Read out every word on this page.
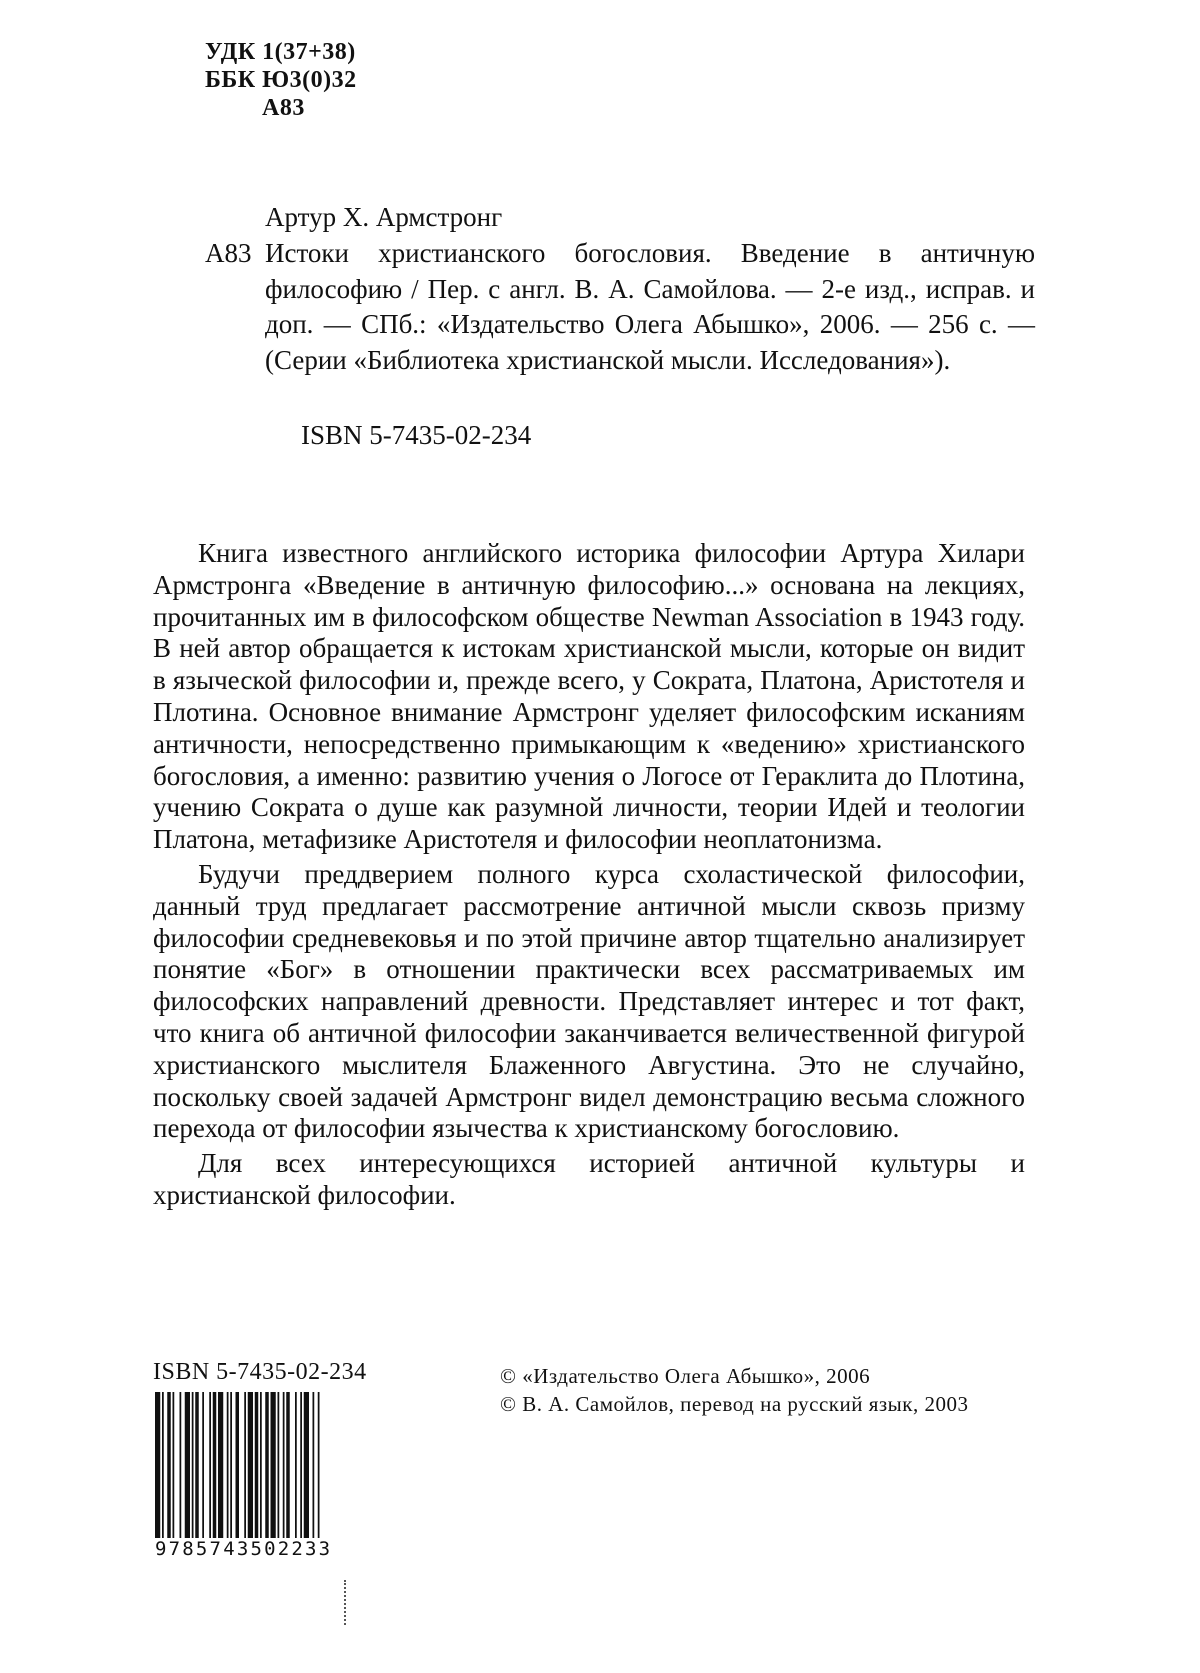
УДК 1(37+38)
ББК Ю3(0)32
А83
Артур Х. Армстронг
А83 Истоки христианского богословия. Введение в античную философию / Пер. с англ. В. А. Самойлова. — 2-е изд., исправ. и доп. — СПб.: «Издательство Олега Абышко», 2006. — 256 с. — (Серии «Библиотека христианской мысли. Исследования»).
ISBN 5-7435-02-234

Книга известного английского историка философии Артура Хилари Армстронга «Введение в античную философию...» основана на лекциях, прочитанных им в философском обществе Newman Association в 1943 году. В ней автор обращается к истокам христианской мысли, которые он видит в языческой философии и, прежде всего, у Сократа, Платона, Аристотеля и Плотина. Основное внимание Армстронг уделяет философским исканиям античности, непосредственно примыкающим к «ведению» христианского богословия, а именно: развитию учения о Логосе от Гераклита до Плотина, учению Сократа о душе как разумной личности, теории Идей и теологии Платона, метафизике Аристотеля и философии неоплатонизма.

Будучи преддверием полного курса схоластической философии, данный труд предлагает рассмотрение античной мысли сквозь призму философии средневековья и по этой причине автор тщательно анализирует понятие «Бог» в отношении практически всех рассматриваемых им философских направлений древности. Представляет интерес и тот факт, что книга об античной философии заканчивается величественной фигурой христианского мыслителя Блаженного Августина. Это не случайно, поскольку своей задачей Армстронг видел демонстрацию весьма сложного перехода от философии язычества к христианскому богословию.

Для всех интересующихся историей античной культуры и христианской философии.

ISBN 5-7435-02-234
9785743502233
© «Издательство Олега Абышко», 2006
© В. А. Самойлов, перевод на русский язык, 2003
